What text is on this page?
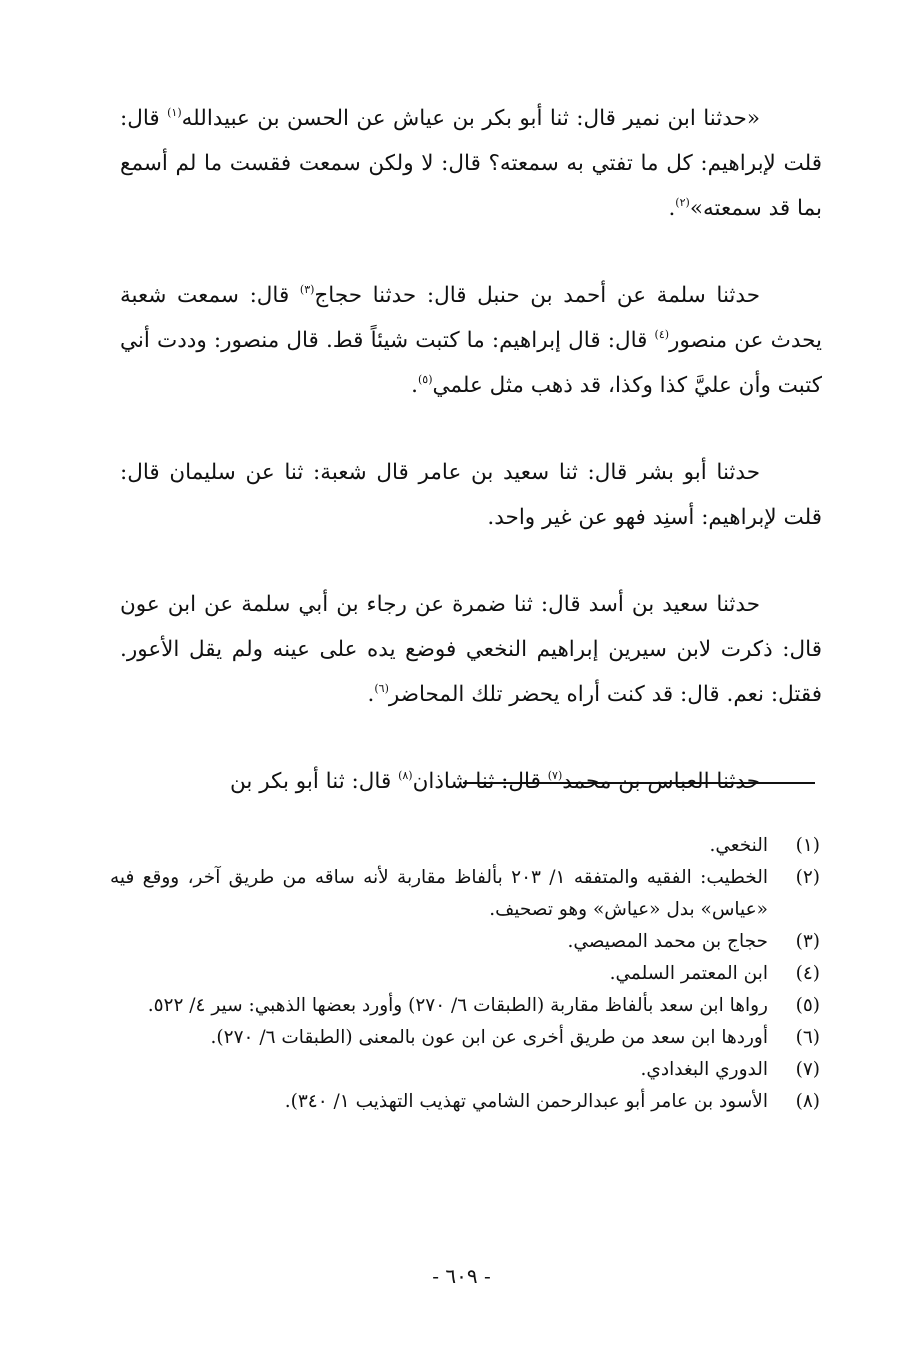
«حدثنا ابن نمير قال: ثنا أبو بكر بن عياش عن الحسن بن عبيدالله$^{(١)}$ قال: قلت لإبراهيم: كل ما تفتي به سمعته؟ قال: لا ولكن سمعت فقست ما لم أسمع بما قد سمعته»$^{(٢)}$.

حدثنا سلمة عن أحمد بن حنبل قال: حدثنا حجاج$^{(٣)}$ قال: سمعت شعبة يحدث عن منصور$^{(٤)}$ قال: قال إبراهيم: ما كتبت شيئاً قط. قال منصور: وددت أني كتبت وأن عليَّ كذا وكذا، قد ذهب مثل علمي$^{(٥)}$.

حدثنا أبو بشر قال: ثنا سعيد بن عامر قال شعبة: ثنا عن سليمان قال: قلت لإبراهيم: أسنِد فهو عن غير واحد.

حدثنا سعيد بن أسد قال: ثنا ضمرة عن رجاء بن أبي سلمة عن ابن عون قال: ذكرت لابن سيرين إبراهيم النخعي فوضع يده على عينه ولم يقل الأعور. فقتل: نعم. قال: قد كنت أراه يحضر تلك المحاضر$^{(٦)}$.

حدثنا العباس بن محمد$^{(٧)}$ قال: ثنا شاذان$^{(٨)}$ قال: ثنا أبو بكر بن

(١)
النخعي.
(٢)
الخطيب: الفقيه والمتفقه ١/ ٢٠٣ بألفاظ مقاربة لأنه ساقه من طريق آخر، ووقع فيه «عياس» بدل «عياش» وهو تصحيف.
(٣)
حجاج بن محمد المصيصي.
(٤)
ابن المعتمر السلمي.
(٥)
رواها ابن سعد بألفاظ مقاربة (الطبقات ٦/ ٢٧٠) وأورد بعضها الذهبي: سير ٤/ ٥٢٢.
(٦)
أوردها ابن سعد من طريق أخرى عن ابن عون بالمعنى (الطبقات ٦/ ٢٧٠).
(٧)
الدوري البغدادي.
(٨)
الأسود بن عامر أبو عبدالرحمن الشامي تهذيب التهذيب ١/ ٣٤٠).
- ٦٠٩ -
